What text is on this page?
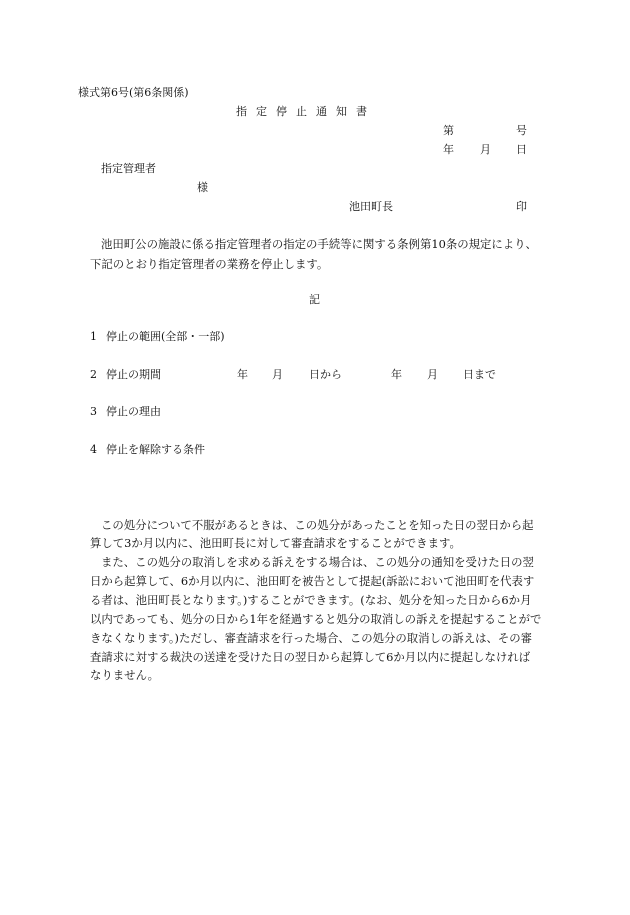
様式第6号(第6条関係)
指定停止通知書
第	号
年 月 日
指定管理者
様
池田町長	印
池田町公の施設に係る指定管理者の指定の手続等に関する条例第10条の規定により、
下記のとおり指定管理者の業務を停止します。
記
1 停止の範囲(全部・一部)
2 停止の期間	年 月 日から	年 月 日まで
3 停止の理由
4 停止を解除する条件
この処分について不服があるときは、この処分があったことを知った日の翌日から起
算して3か月以内に、池田町長に対して審査請求をすることができます。
また、この処分の取消しを求める訴えをする場合は、この処分の通知を受けた日の翌
日から起算して、6か月以内に、池田町を被告として提起(訴訟において池田町を代表す
る者は、池田町長となります。)することができます。(なお、処分を知った日から6か月
以内であっても、処分の日から1年を経過すると処分の取消しの訴えを提起することがで
きなくなります。)ただし、審査請求を行った場合、この処分の取消しの訴えは、その審
査請求に対する裁決の送達を受けた日の翌日から起算して6か月以内に提起しなければ
なりません。
